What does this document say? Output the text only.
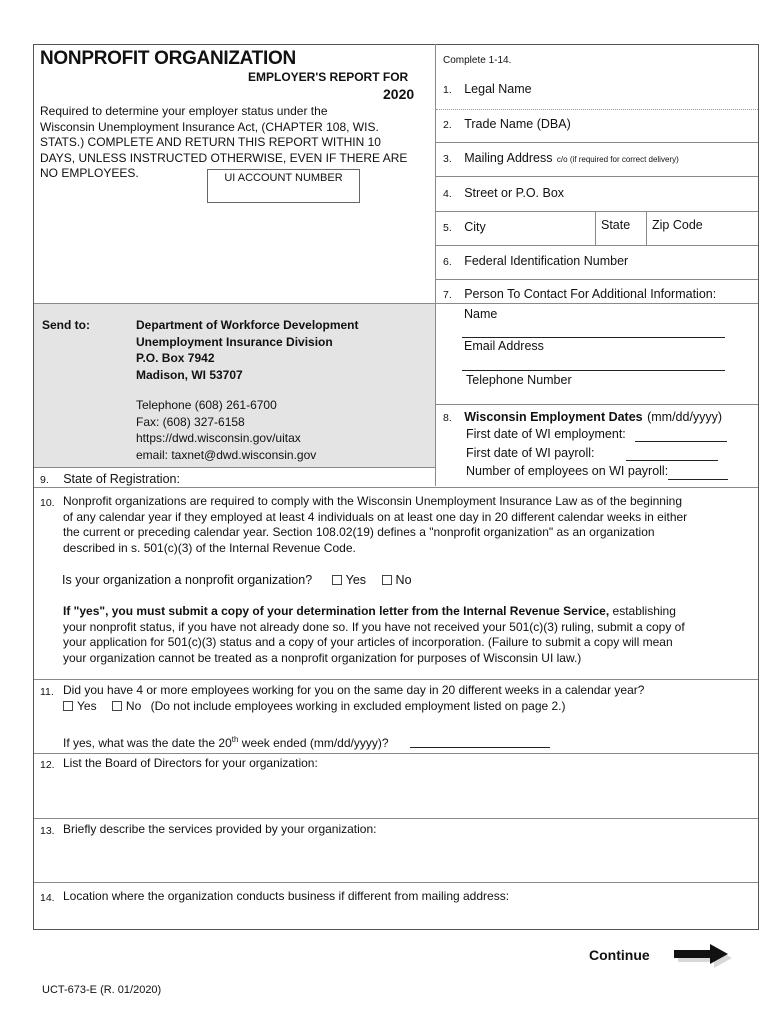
NONPROFIT ORGANIZATION
EMPLOYER'S REPORT FOR
2020
Required to determine your employer status under the
Wisconsin Unemployment Insurance Act, (CHAPTER 108, WIS.
STATS.) COMPLETE AND RETURN THIS REPORT WITHIN 10
DAYS, UNLESS INSTRUCTED OTHERWISE, EVEN IF THERE ARE
NO EMPLOYEES.	UI ACCOUNT NUMBER
Complete 1-14.
1. Legal Name
2. Trade Name (DBA)
3. Mailing Address c/o (if required for correct delivery)
4. Street or P.O. Box
5. City	State Zip Code
6. Federal Identification Number
7. Person To Contact For Additional Information:
Name
Email Address
Telephone Number
8. Wisconsin Employment Dates (mm/dd/yyyy)
First date of WI employment:
First date of WI payroll:
Number of employees on WI payroll:
Send to:	Department of Workforce Development
Unemployment Insurance Division
P.O. Box 7942
Madison, WI 53707
Telephone (608) 261-6700
Fax: (608) 327-6158
https://dwd.wisconsin.gov/uitax
email: taxnet@dwd.wisconsin.gov
9. State of Registration:
10. Nonprofit organizations are required to comply with the Wisconsin Unemployment Insurance Law as of the beginning
of any calendar year if they employed at least 4 individuals on at least one day in 20 different calendar weeks in either
the current or preceding calendar year. Section 108.02(19) defines a "nonprofit organization" as an organization
described in s. 501(c)(3) of the Internal Revenue Code.
Is your organization a nonprofit organization?	Yes No
If "yes", you must submit a copy of your determination letter from the Internal Revenue Service, establishing
your nonprofit status, if you have not already done so. If you have not received your 501(c)(3) ruling, submit a copy of
your application for 501(c)(3) status and a copy of your articles of incorporation. (Failure to submit a copy will mean
your organization cannot be treated as a nonprofit organization for purposes of Wisconsin UI law.)
11. Did you have 4 or more employees working for you on the same day in 20 different weeks in a calendar year?
Yes No (Do not include employees working in excluded employment listed on page 2.)
If yes, what was the date the 20th week ended (mm/dd/yyyy)?
12. List the Board of Directors for your organization:
13. Briefly describe the services provided by your organization:
14. Location where the organization conducts business if different from mailing address:
Continue
UCT-673-E (R. 01/2020)
